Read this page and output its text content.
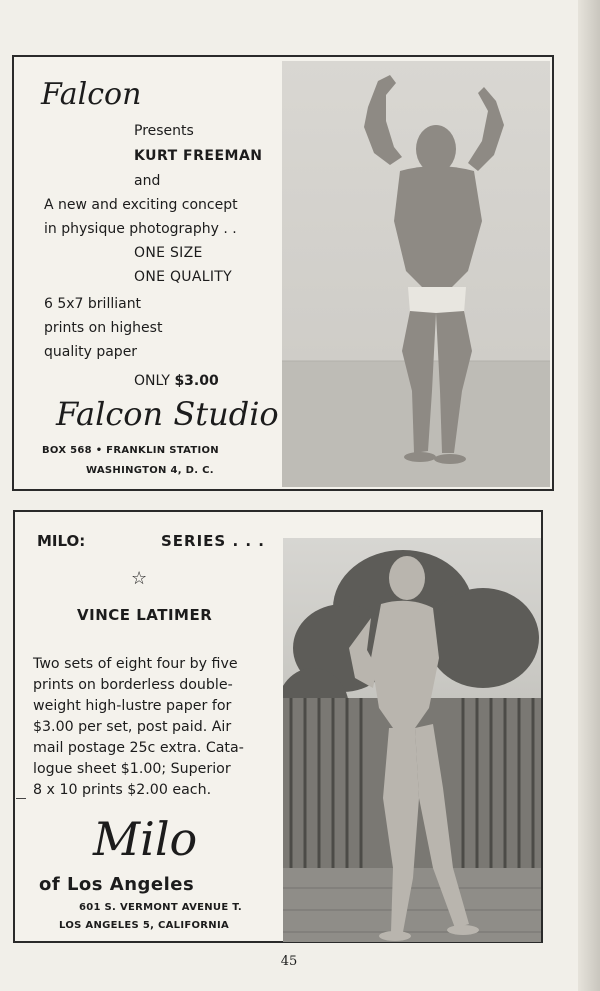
Falcon
Presents
KURT FREEMAN
and
A new and exciting concept
in physique photography . .
ONE SIZE
ONE QUALITY
6 5x7 brilliant
prints on highest
quality paper
ONLY $3.00
Falcon Studio
BOX 568 • FRANKLIN STATION
WASHINGTON 4, D. C.
MILO:	SERIES . . .
☆
VINCE LATIMER
Two sets of eight four by five
prints on borderless double-
weight high-lustre paper for
$3.00 per set, post paid. Air
mail postage 25c extra. Cata-
logue sheet $1.00; Superior
8 x 10 prints $2.00 each.
Milo
of Los Angeles
601 S. VERMONT AVENUE T.
LOS ANGELES 5, CALIFORNIA
45
